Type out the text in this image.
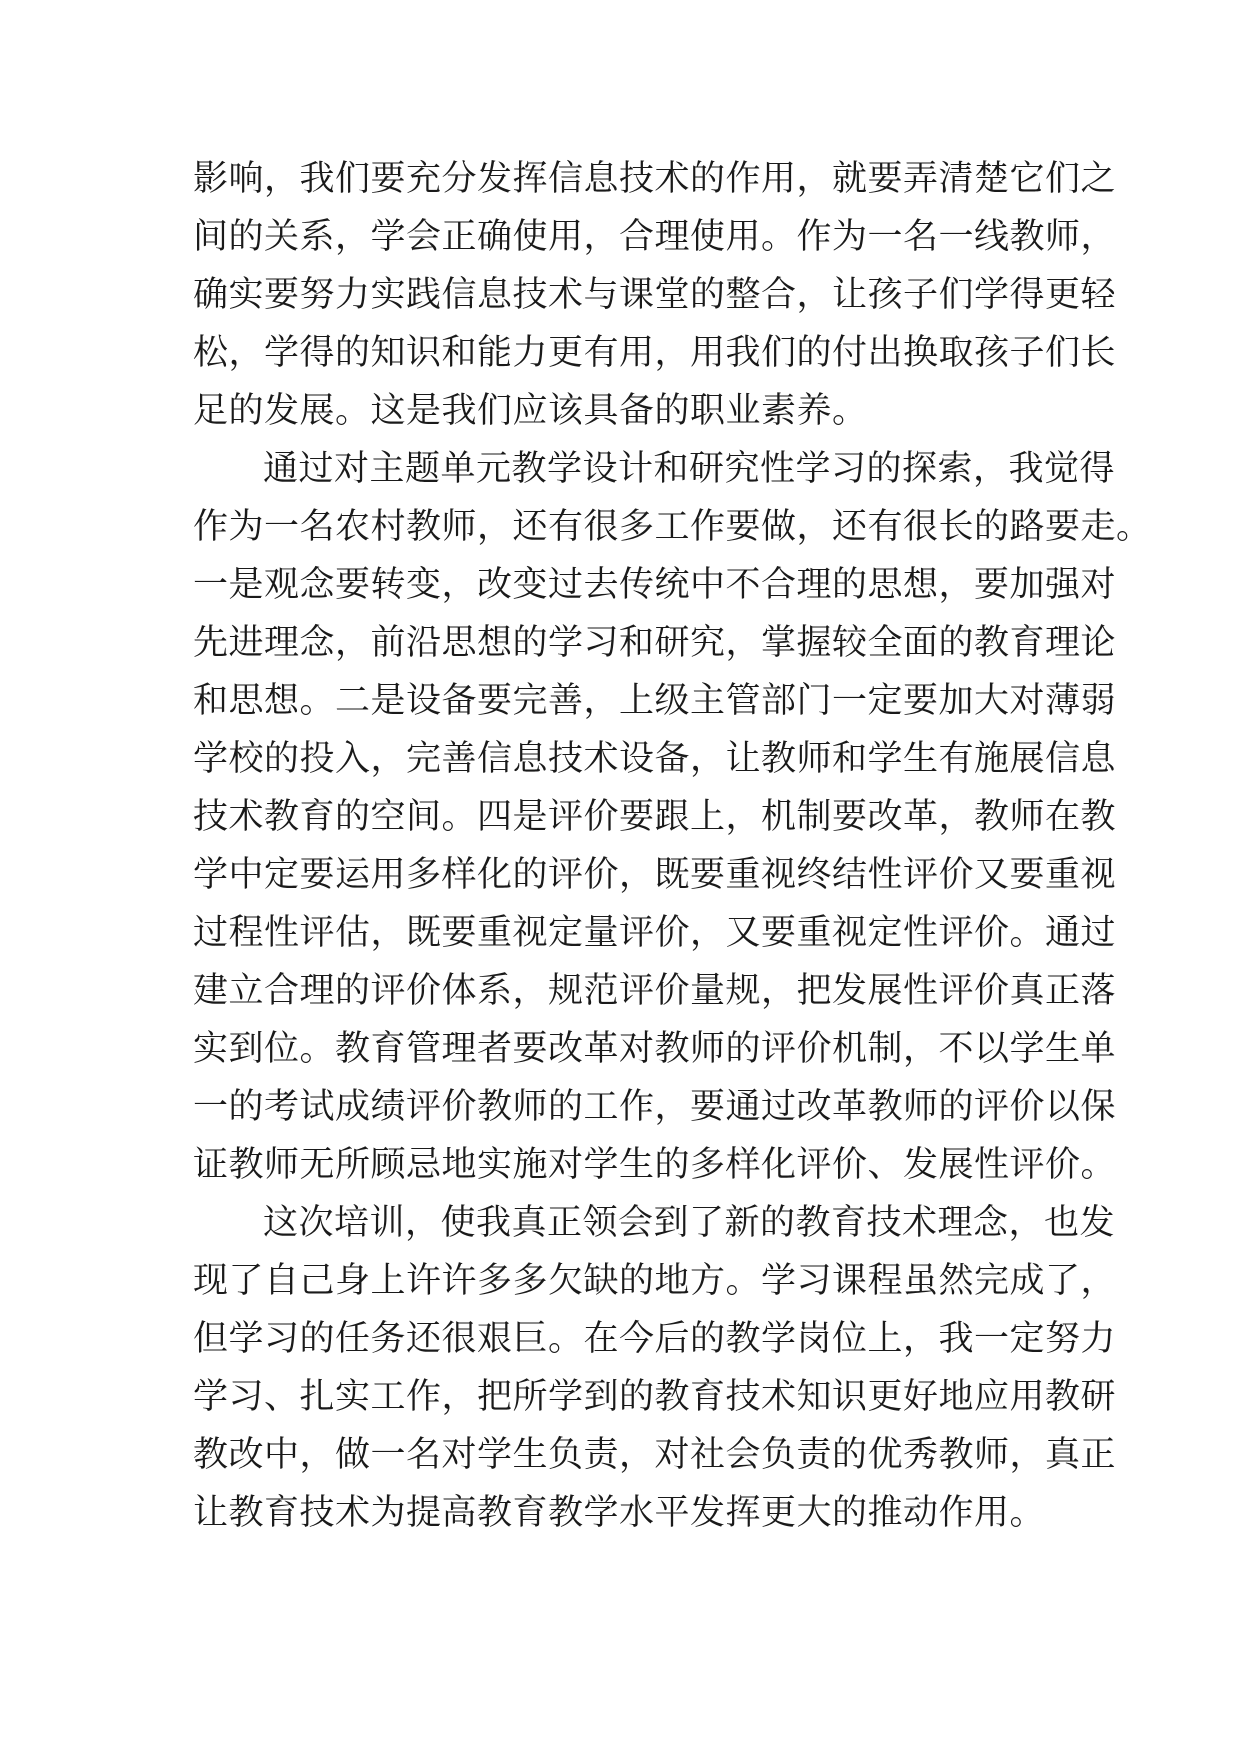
影响，我们要充分发挥信息技术的作用，就要弄清楚它们之
间的关系，学会正确使用，合理使用。作为一名一线教师，
确实要努力实践信息技术与课堂的整合，让孩子们学得更轻
松，学得的知识和能力更有用，用我们的付出换取孩子们长
足的发展。这是我们应该具备的职业素养。
通过对主题单元教学设计和研究性学习的探索，我觉得
作为一名农村教师，还有很多工作要做，还有很长的路要走。
一是观念要转变，改变过去传统中不合理的思想，要加强对
先进理念，前沿思想的学习和研究，掌握较全面的教育理论
和思想。二是设备要完善，上级主管部门一定要加大对薄弱
学校的投入，完善信息技术设备，让教师和学生有施展信息
技术教育的空间。四是评价要跟上，机制要改革，教师在教
学中定要运用多样化的评价，既要重视终结性评价又要重视
过程性评估，既要重视定量评价，又要重视定性评价。通过
建立合理的评价体系，规范评价量规，把发展性评价真正落
实到位。教育管理者要改革对教师的评价机制，不以学生单
一的考试成绩评价教师的工作，要通过改革教师的评价以保
证教师无所顾忌地实施对学生的多样化评价、发展性评价。
这次培训，使我真正领会到了新的教育技术理念，也发
现了自己身上许许多多欠缺的地方。学习课程虽然完成了，
但学习的任务还很艰巨。在今后的教学岗位上，我一定努力
学习、扎实工作，把所学到的教育技术知识更好地应用教研
教改中，做一名对学生负责，对社会负责的优秀教师，真正
让教育技术为提高教育教学水平发挥更大的推动作用。
